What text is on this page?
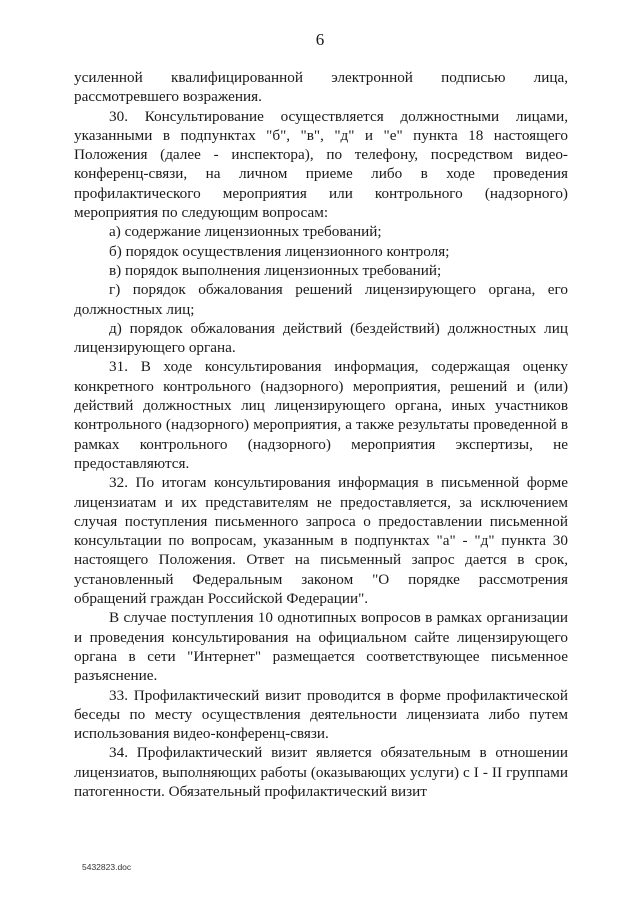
6

усиленной квалифицированной электронной подписью лица, рассмотревшего возражения.

30. Консультирование осуществляется должностными лицами, указанными в подпунктах "б", "в", "д" и "е" пункта 18 настоящего Положения (далее - инспектора), по телефону, посредством видео-конференц-связи, на личном приеме либо в ходе проведения профилактического мероприятия или контрольного (надзорного) мероприятия по следующим вопросам:

а) содержание лицензионных требований;

б) порядок осуществления лицензионного контроля;

в) порядок выполнения лицензионных требований;

г) порядок обжалования решений лицензирующего органа, его должностных лиц;

д) порядок обжалования действий (бездействий) должностных лиц лицензирующего органа.

31. В ходе консультирования информация, содержащая оценку конкретного контрольного (надзорного) мероприятия, решений и (или) действий должностных лиц лицензирующего органа, иных участников контрольного (надзорного) мероприятия, а также результаты проведенной в рамках контрольного (надзорного) мероприятия экспертизы, не предоставляются.

32. По итогам консультирования информация в письменной форме лицензиатам и их представителям не предоставляется, за исключением случая поступления письменного запроса о предоставлении письменной консультации по вопросам, указанным в подпунктах "а" - "д" пункта 30 настоящего Положения. Ответ на письменный запрос дается в срок, установленный Федеральным законом "О порядке рассмотрения обращений граждан Российской Федерации".

В случае поступления 10 однотипных вопросов в рамках организации и проведения консультирования на официальном сайте лицензирующего органа в сети "Интернет" размещается соответствующее письменное разъяснение.

33. Профилактический визит проводится в форме профилактической беседы по месту осуществления деятельности лицензиата либо путем использования видео-конференц-связи.

34. Профилактический визит является обязательным в отношении лицензиатов, выполняющих работы (оказывающих услуги) с I - II группами патогенности. Обязательный профилактический визит

5432823.doc
